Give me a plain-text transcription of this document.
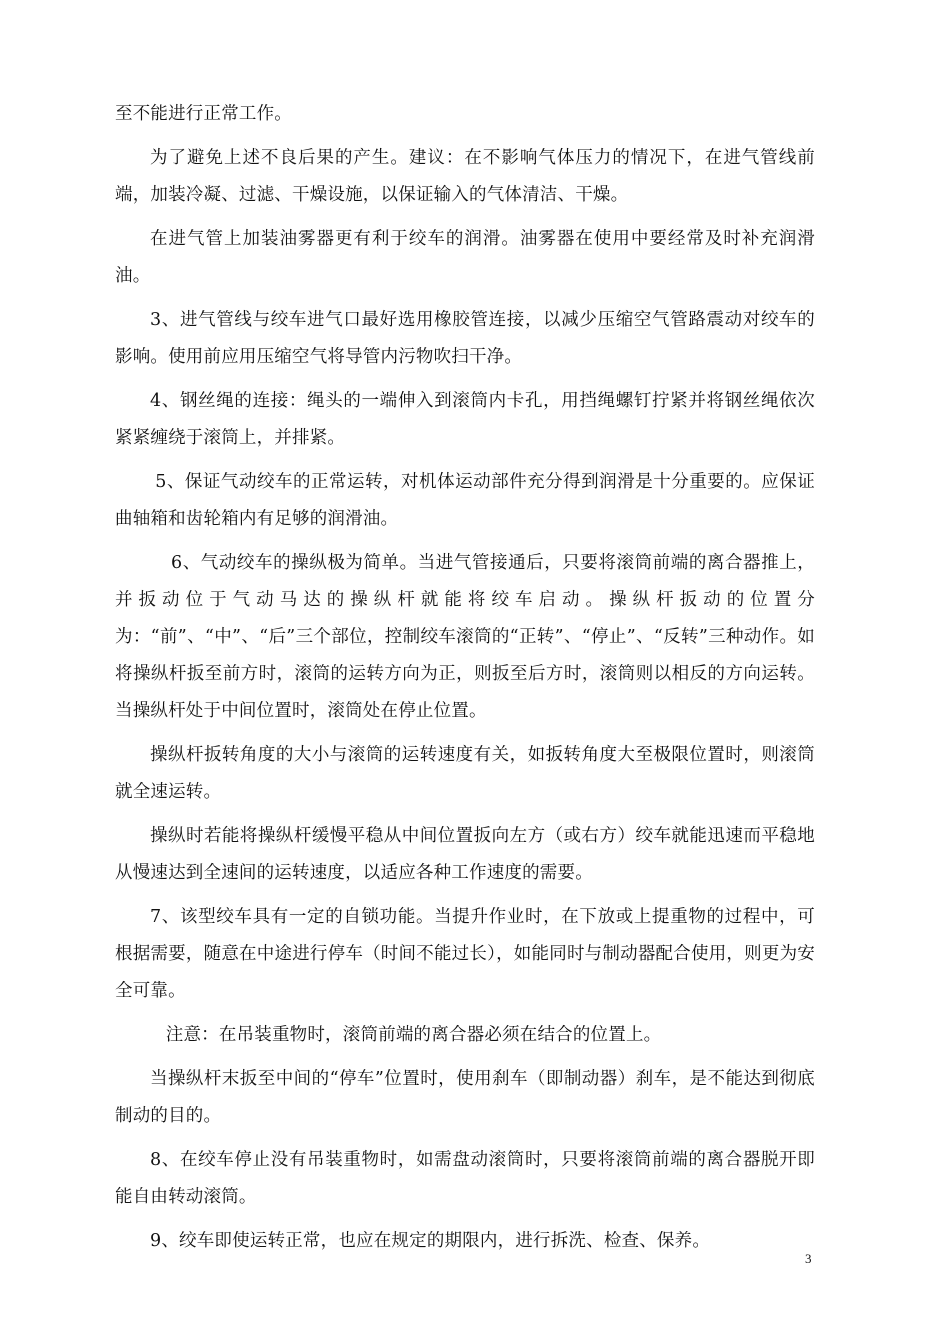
至不能进行正常工作。

为了避免上述不良后果的产生。建议：在不影响气体压力的情况下，在进气管线前端，加装冷凝、过滤、干燥设施，以保证输入的气体清洁、干燥。

在进气管上加装油雾器更有利于绞车的润滑。油雾器在使用中要经常及时补充润滑油。

3、进气管线与绞车进气口最好选用橡胶管连接，以减少压缩空气管路震动对绞车的影响。使用前应用压缩空气将导管内污物吹扫干净。

4、钢丝绳的连接：绳头的一端伸入到滚筒内卡孔，用挡绳螺钉拧紧并将钢丝绳依次紧紧缠绕于滚筒上，并排紧。

5、保证气动绞车的正常运转，对机体运动部件充分得到润滑是十分重要的。应保证曲轴箱和齿轮箱内有足够的润滑油。

6、气动绞车的操纵极为简单。当进气管接通后，只要将滚筒前端的离合器推上，并扳动位于气动马达的操纵杆就能将绞车启动。操纵杆扳动的位置分为：“前”、“中”、“后”三个部位，控制绞车滚筒的“正转”、“停止”、“反转”三种动作。如将操纵杆扳至前方时，滚筒的运转方向为正，则扳至后方时，滚筒则以相反的方向运转。当操纵杆处于中间位置时，滚筒处在停止位置。

操纵杆扳转角度的大小与滚筒的运转速度有关，如扳转角度大至极限位置时，则滚筒就全速运转。

操纵时若能将操纵杆缓慢平稳从中间位置扳向左方（或右方）绞车就能迅速而平稳地从慢速达到全速间的运转速度，以适应各种工作速度的需要。

7、该型绞车具有一定的自锁功能。当提升作业时，在下放或上提重物的过程中，可根据需要，随意在中途进行停车（时间不能过长），如能同时与制动器配合使用，则更为安全可靠。

注意：在吊装重物时，滚筒前端的离合器必须在结合的位置上。

当操纵杆末扳至中间的“停车”位置时，使用刹车（即制动器）刹车，是不能达到彻底制动的目的。

8、在绞车停止没有吊装重物时，如需盘动滚筒时，只要将滚筒前端的离合器脱开即能自由转动滚筒。

9、绞车即使运转正常，也应在规定的期限内，进行拆洗、检查、保养。

3
